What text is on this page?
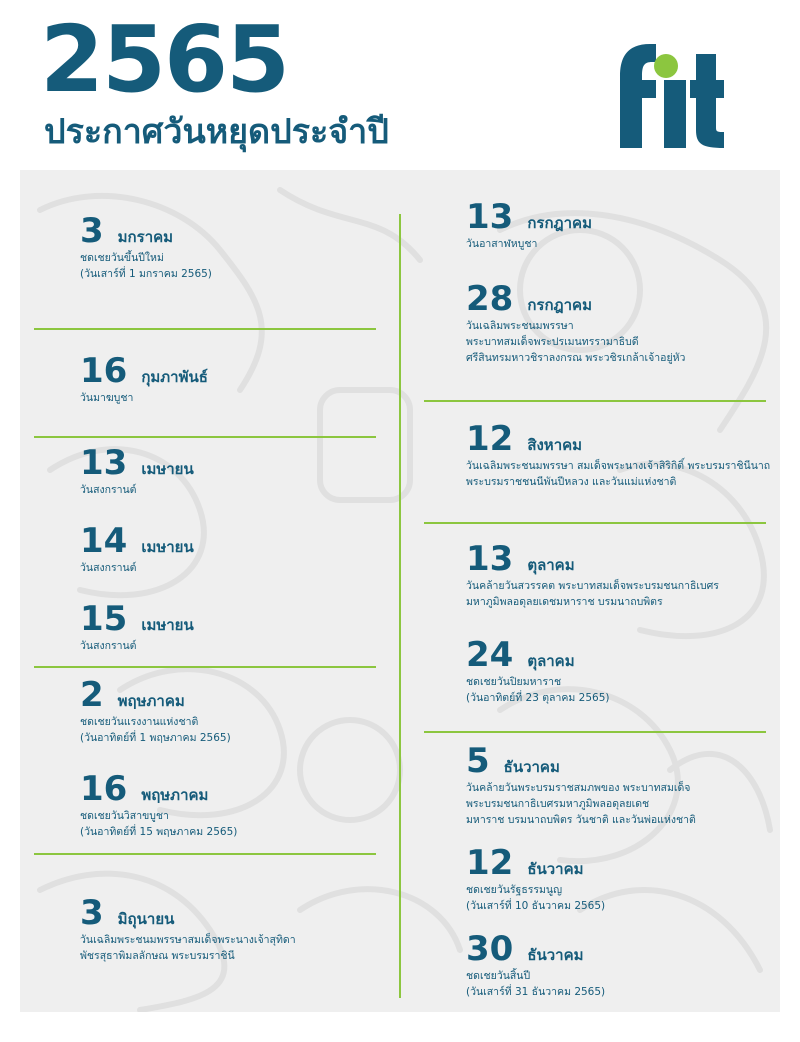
2565
ประกาศวันหยุดประจำปี
3 มกราคม
ชดเชยวันขึ้นปีใหม่
(วันเสาร์ที่ 1 มกราคม 2565)
16 กุมภาพันธ์
วันมาฆบูชา
13 เมษายน
วันสงกรานต์
14 เมษายน
วันสงกรานต์
15 เมษายน
วันสงกรานต์
2 พฤษภาคม
ชดเชยวันแรงงานแห่งชาติ
(วันอาทิตย์ที่ 1 พฤษภาคม 2565)
16 พฤษภาคม
ชดเชยวันวิสาขบูชา
(วันอาทิตย์ที่ 15 พฤษภาคม 2565)
3 มิถุนายน
วันเฉลิมพระชนมพรรษาสมเด็จพระนางเจ้าสุทิดา
พัชรสุธาพิมลลักษณ พระบรมราชินี
13 กรกฎาคม
วันอาสาฬหบูชา
28 กรกฎาคม
วันเฉลิมพระชนมพรรษา
พระบาทสมเด็จพระปรเมนทรรามาธิบดี
ศรีสินทรมหาวชิราลงกรณ พระวชิรเกล้าเจ้าอยู่หัว
12 สิงหาคม
วันเฉลิมพระชนมพรรษา สมเด็จพระนางเจ้าสิริกิติ์ พระบรมราชินีนาถ
พระบรมราชชนนีพันปีหลวง และวันแม่แห่งชาติ
13 ตุลาคม
วันคล้ายวันสวรรคต พระบาทสมเด็จพระบรมชนกาธิเบศร
มหาภูมิพลอดุลยเดชมหาราช บรมนาถบพิตร
24 ตุลาคม
ชดเชยวันปิยมหาราช
(วันอาทิตย์ที่ 23 ตุลาคม 2565)
5 ธันวาคม
วันคล้ายวันพระบรมราชสมภพของ พระบาทสมเด็จ
พระบรมชนกาธิเบศรมหาภูมิพลอดุลยเดช
มหาราช บรมนาถบพิตร วันชาติ และวันพ่อแห่งชาติ
12 ธันวาคม
ชดเชยวันรัฐธรรมนูญ
(วันเสาร์ที่ 10 ธันวาคม 2565)
30 ธันวาคม
ชดเชยวันสิ้นปี
(วันเสาร์ที่ 31 ธันวาคม 2565)
